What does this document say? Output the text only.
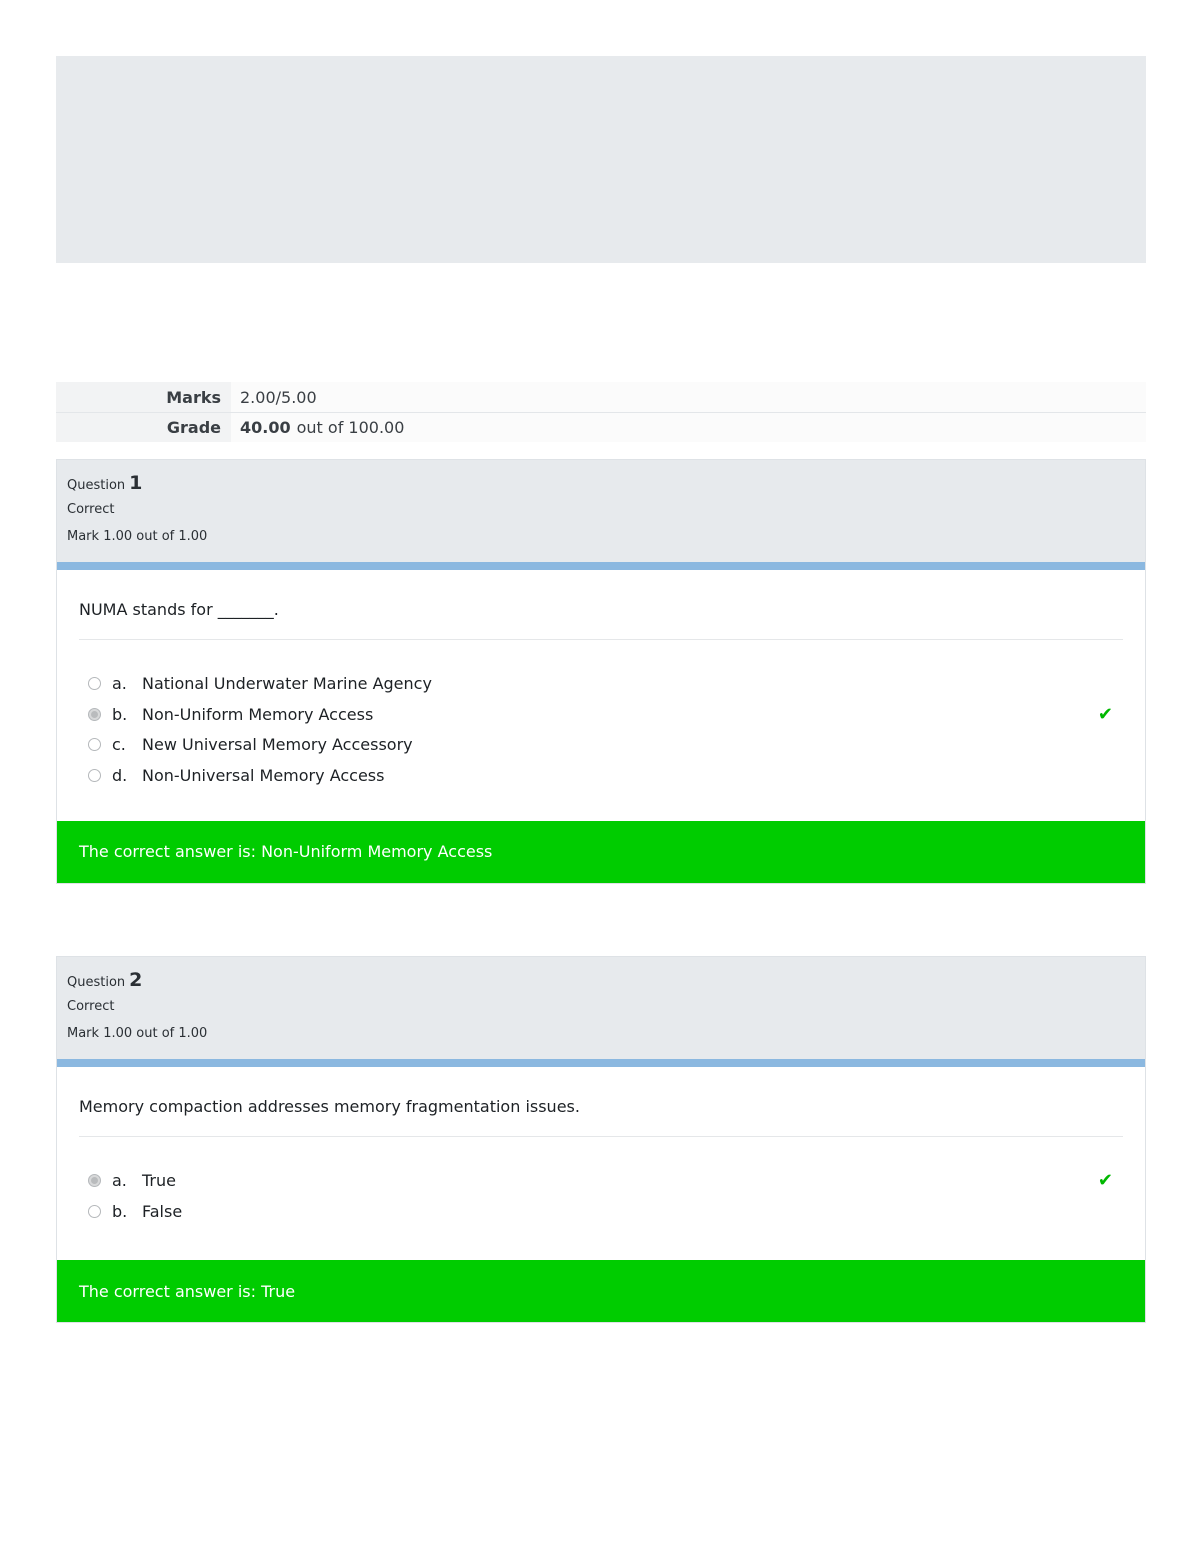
Marks	2.00/5.00
Grade	40.00 out of 100.00
Question 1
Correct
Mark 1.00 out of 1.00
NUMA stands for _______.
a. National Underwater Marine Agency
b. Non-Uniform Memory Access	✔
c.	New Universal Memory Accessory
d. Non-Universal Memory Access
The correct answer is: Non-Uniform Memory Access
Question 2
Correct
Mark 1.00 out of 1.00
Memory compaction addresses memory fragmentation issues.
a. True	✔
b. False
The correct answer is: True
